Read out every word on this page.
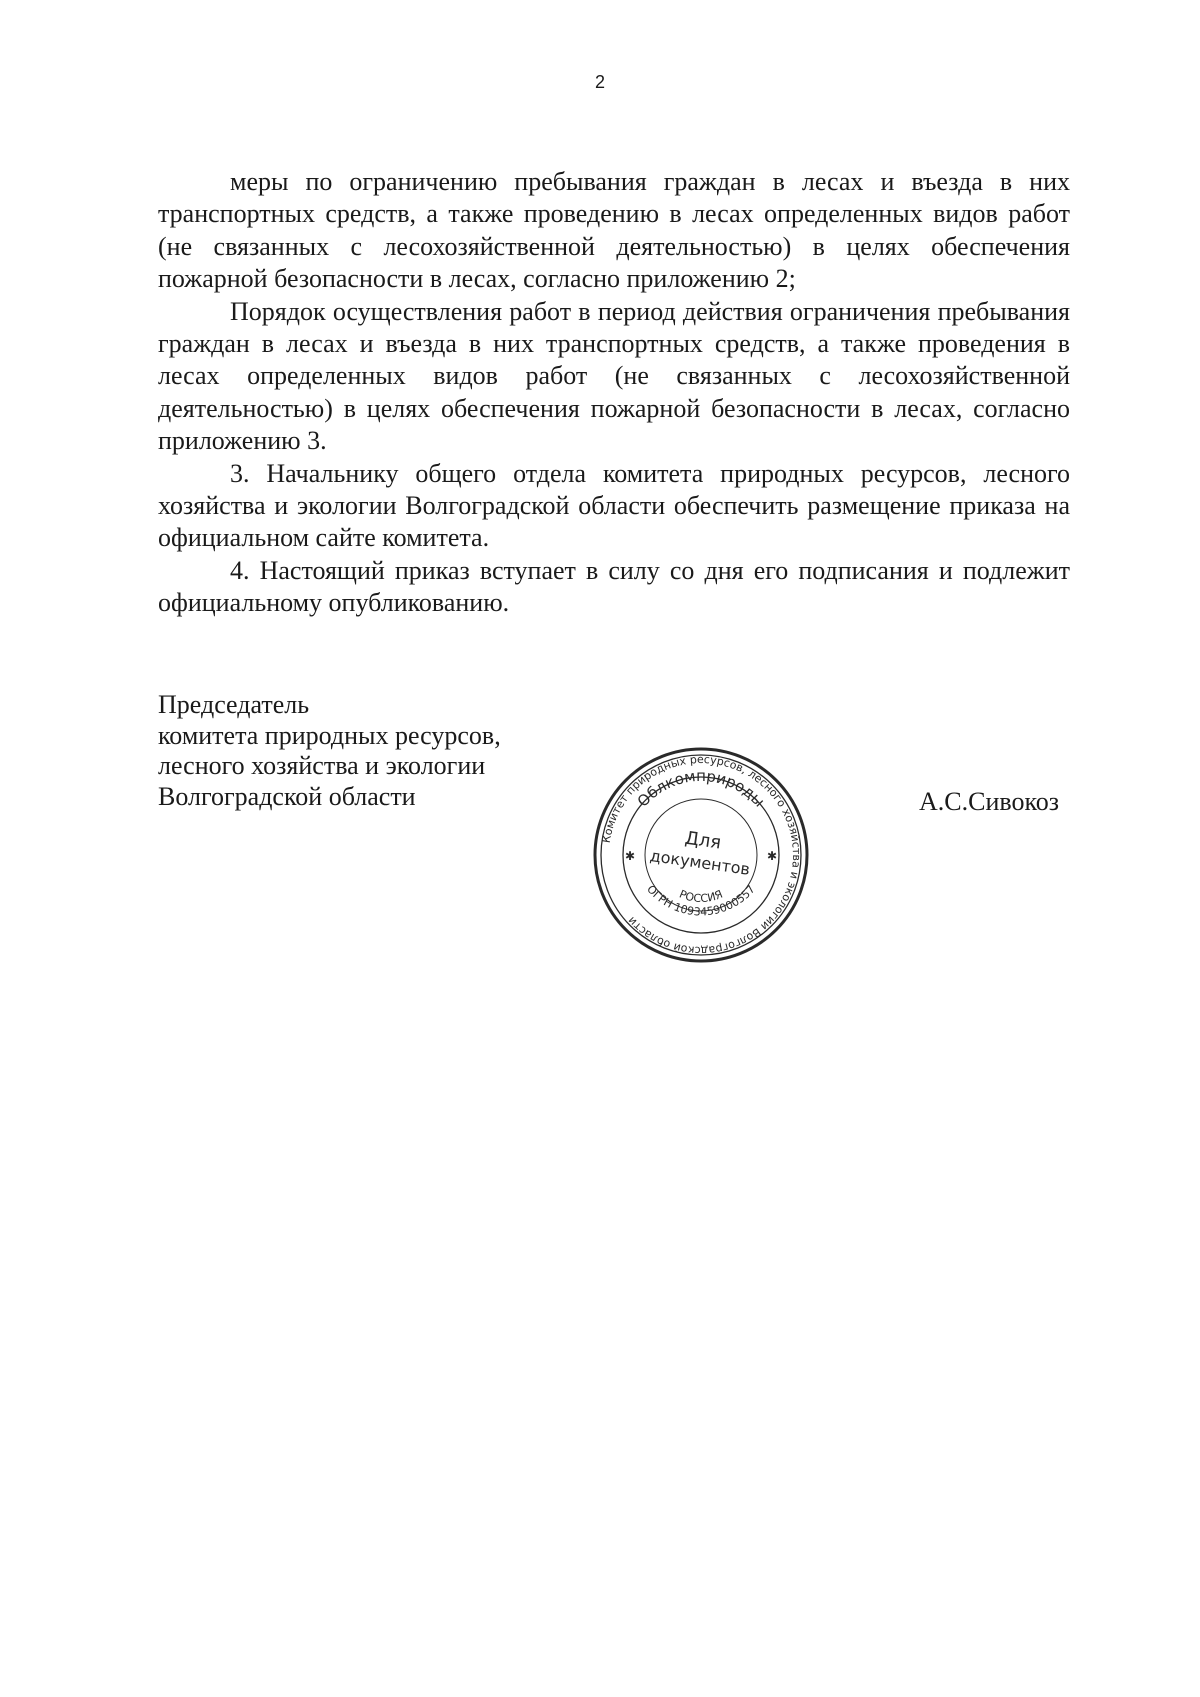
2

меры по ограничению пребывания граждан в лесах и въезда в них транспортных средств, а также проведению в лесах определенных видов работ (не связанных с лесохозяйственной деятельностью) в целях обеспечения пожарной безопасности в лесах, согласно приложению 2;

Порядок осуществления работ в период действия ограничения пребывания граждан в лесах и въезда в них транспортных средств, а также проведения в лесах определенных видов работ (не связанных с лесохозяйственной деятельностью) в целях обеспечения пожарной безопасности в лесах, согласно приложению 3.

3. Начальнику общего отдела комитета природных ресурсов, лесного хозяйства и экологии Волгоградской области обеспечить размещение приказа на официальном сайте комитета.

4. Настоящий приказ вступает в силу со дня его подписания и подлежит официальному опубликованию.

Председатель
комитета природных ресурсов,
лесного хозяйства и экологии
Волгоградской области	А.С.Сивокоз
Комитет природных ресурсов, лесного хозяйства и экологии Волгоградской области
Облкомприроды
ОГРН 1093459000557
РОССИЯ
✱	✱
Для
документов
